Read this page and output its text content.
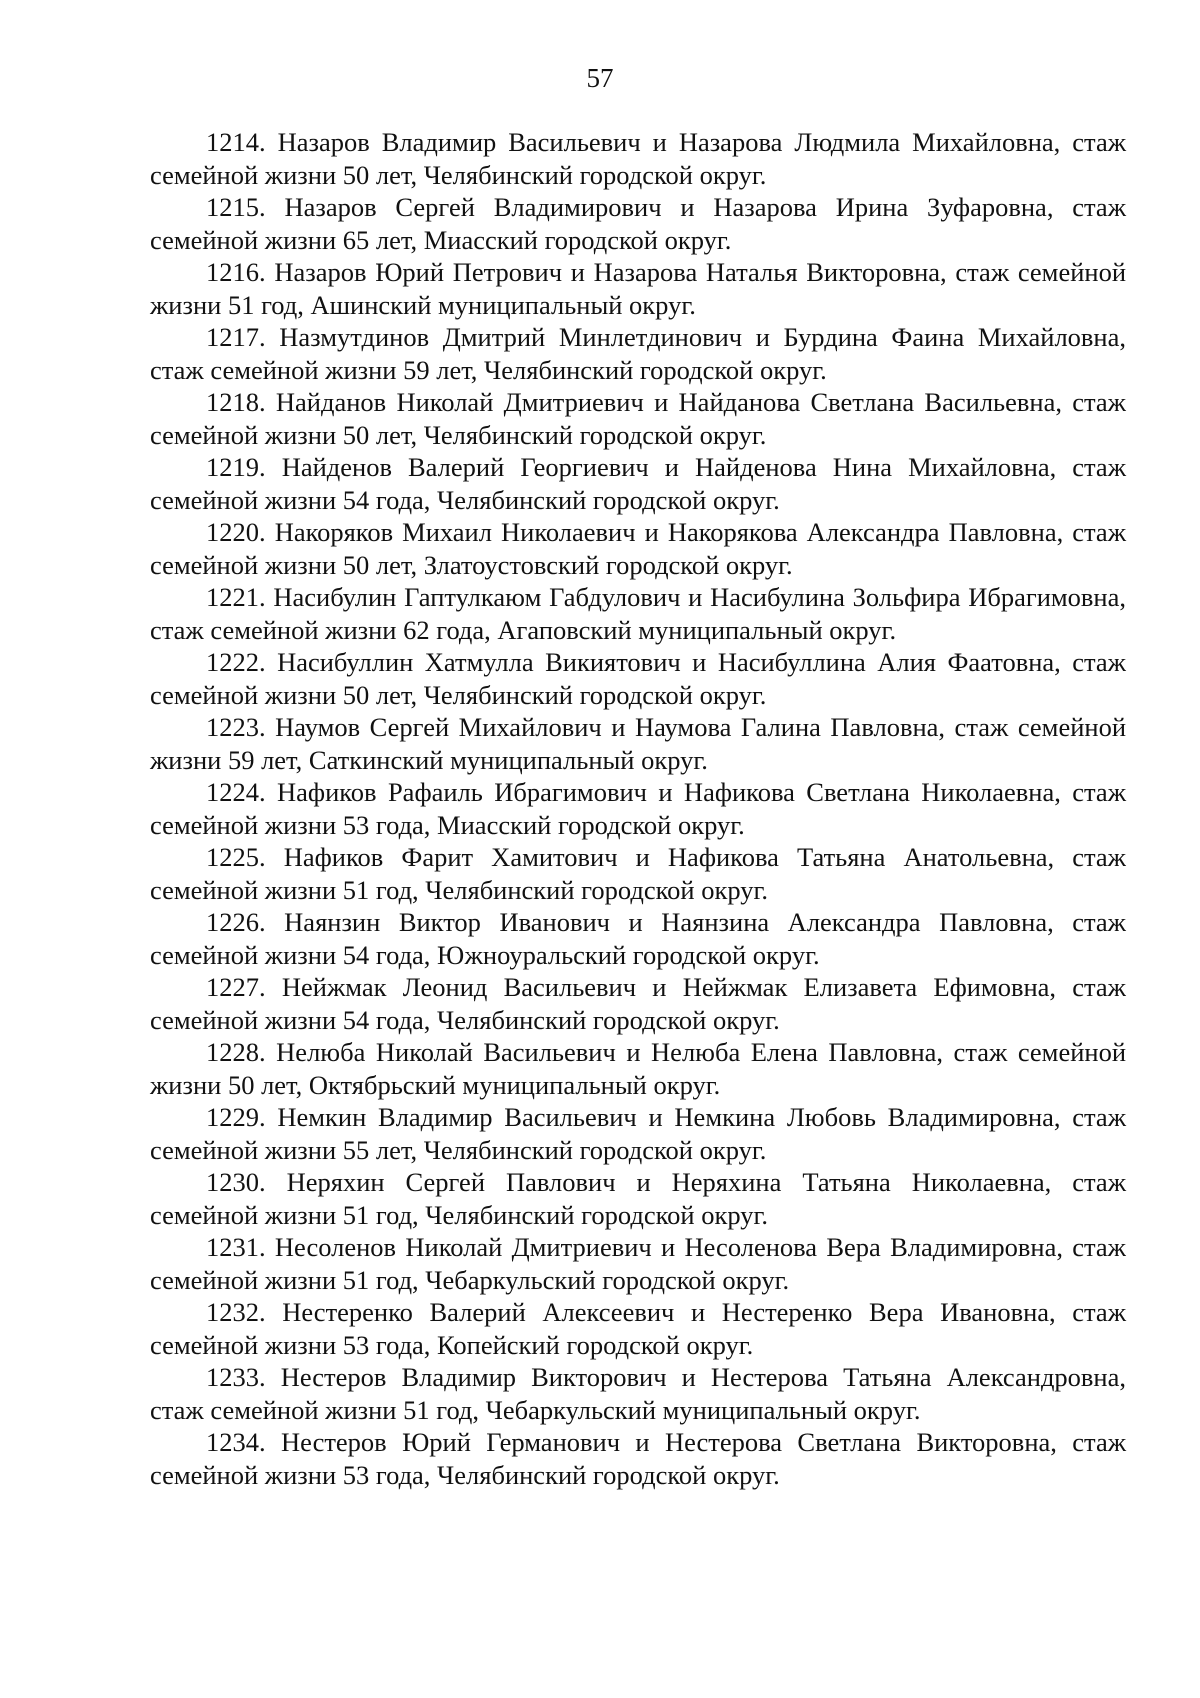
57

1214. Назаров Владимир Васильевич и Назарова Людмила Михайловна, стаж семейной жизни 50 лет, Челябинский городской округ.

1215. Назаров Сергей Владимирович и Назарова Ирина Зуфаровна, стаж семейной жизни 65 лет, Миасский городской округ.

1216. Назаров Юрий Петрович и Назарова Наталья Викторовна, стаж семейной жизни 51 год, Ашинский муниципальный округ.

1217. Назмутдинов Дмитрий Минлетдинович и Бурдина Фаина Михайловна, стаж семейной жизни 59 лет, Челябинский городской округ.

1218. Найданов Николай Дмитриевич и Найданова Светлана Васильевна, стаж семейной жизни 50 лет, Челябинский городской округ.

1219. Найденов Валерий Георгиевич и Найденова Нина Михайловна, стаж семейной жизни 54 года, Челябинский городской округ.

1220. Накоряков Михаил Николаевич и Накорякова Александра Павловна, стаж семейной жизни 50 лет, Златоустовский городской округ.

1221. Насибулин Гаптулкаюм Габдулович и Насибулина Зольфира Ибрагимовна, стаж семейной жизни 62 года, Агаповский муниципальный округ.

1222. Насибуллин Хатмулла Викиятович и Насибуллина Алия Фаатовна, стаж семейной жизни 50 лет, Челябинский городской округ.

1223. Наумов Сергей Михайлович и Наумова Галина Павловна, стаж семейной жизни 59 лет, Саткинский муниципальный округ.

1224. Нафиков Рафаиль Ибрагимович и Нафикова Светлана Николаевна, стаж семейной жизни 53 года, Миасский городской округ.

1225. Нафиков Фарит Хамитович и Нафикова Татьяна Анатольевна, стаж семейной жизни 51 год, Челябинский городской округ.

1226. Наянзин Виктор Иванович и Наянзина Александра Павловна, стаж семейной жизни 54 года, Южноуральский городской округ.

1227. Нейжмак Леонид Васильевич и Нейжмак Елизавета Ефимовна, стаж семейной жизни 54 года, Челябинский городской округ.

1228. Нелюба Николай Васильевич и Нелюба Елена Павловна, стаж семейной жизни 50 лет, Октябрьский муниципальный округ.

1229. Немкин Владимир Васильевич и Немкина Любовь Владимировна, стаж семейной жизни 55 лет, Челябинский городской округ.

1230. Неряхин Сергей Павлович и Неряхина Татьяна Николаевна, стаж семейной жизни 51 год, Челябинский городской округ.

1231. Несоленов Николай Дмитриевич и Несоленова Вера Владимировна, стаж семейной жизни 51 год, Чебаркульский городской округ.

1232. Нестеренко Валерий Алексеевич и Нестеренко Вера Ивановна, стаж семейной жизни 53 года, Копейский городской округ.

1233. Нестеров Владимир Викторович и Нестерова Татьяна Александровна, стаж семейной жизни 51 год, Чебаркульский муниципальный округ.

1234. Нестеров Юрий Германович и Нестерова Светлана Викторовна, стаж семейной жизни 53 года, Челябинский городской округ.
